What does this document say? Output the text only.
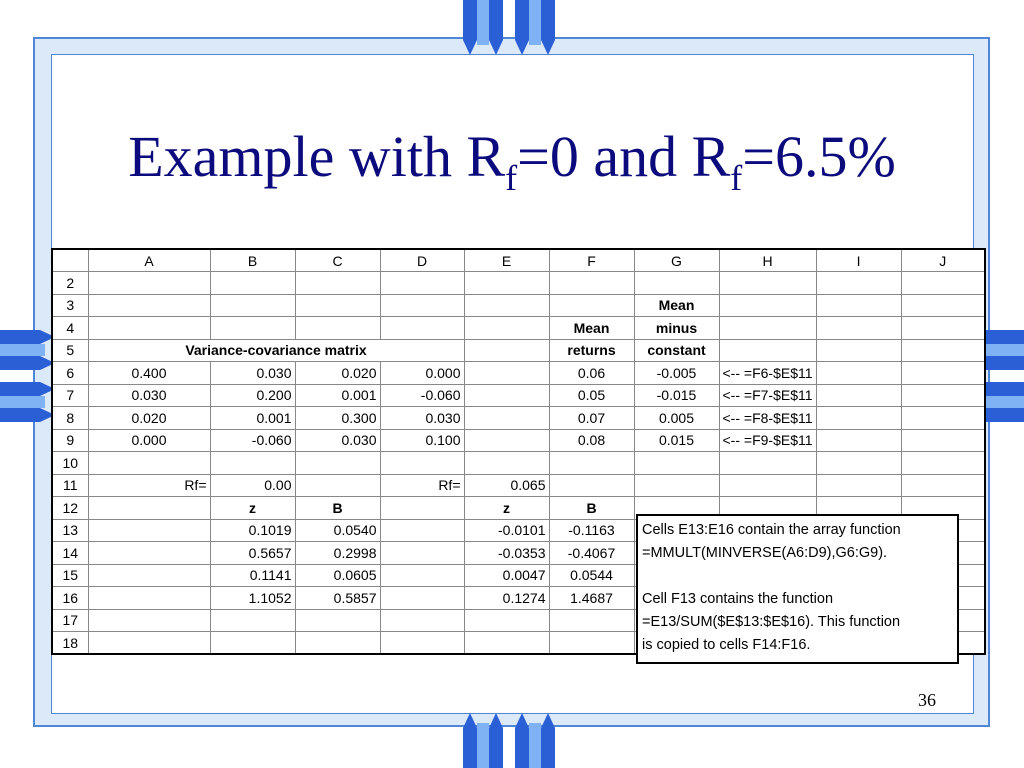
Example with $R_f=0$ and $R_f=6.5\%$
	A	B	C	D	E	F	G	H	I	J
2										
3							Mean			
4						Mean	minus			
5	Variance-covariance matrix					returns	constant			
6	0.400	0.030	0.020	0.000		0.06	-0.005	<-- =F6-$E$11		
7	0.030	0.200	0.001	-0.060		0.05	-0.015	<-- =F7-$E$11		
8	0.020	0.001	0.300	0.030		0.07	0.005	<-- =F8-$E$11		
9	0.000	-0.060	0.030	0.100		0.08	0.015	<-- =F9-$E$11		
10										
11	Rf=	0.00		Rf=	0.065					
12		z	B		z	B				
13		0.1019	0.0540		-0.0101	-0.1163				
14		0.5657	0.2998		-0.0353	-0.4067				
15		0.1141	0.0605		0.0047	0.0544				
16		1.1052	0.5857		0.1274	1.4687				
17										
18										

Cells E13:E16 contain the array function

=MMULT(MINVERSE(A6:D9),G6:G9).

Cell F13 contains the function

=E13/SUM($E$13:$E$16). This function

is copied to cells F14:F16.

36
